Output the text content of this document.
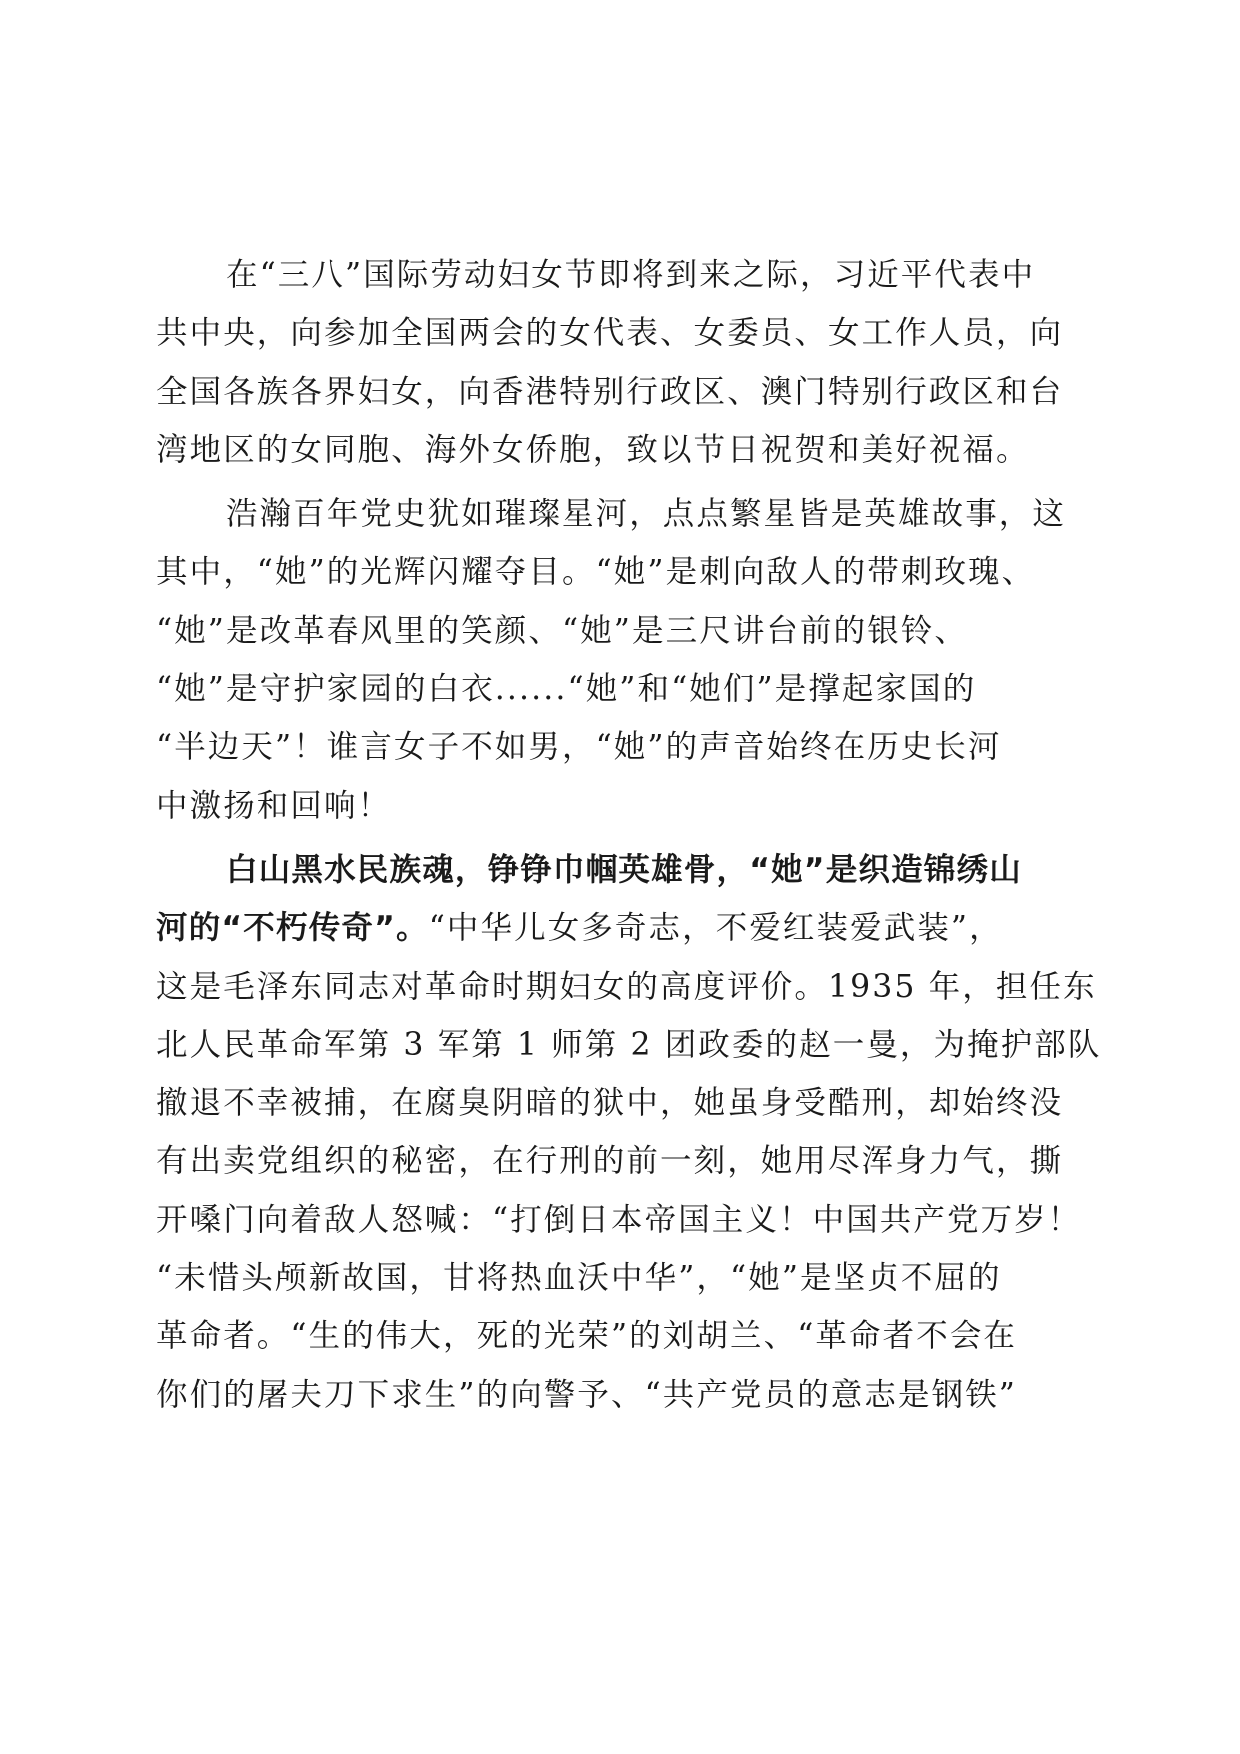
在“三八”国际劳动妇女节即将到来之际，习近平代表中
共中央，向参加全国两会的女代表、女委员、女工作人员，向
全国各族各界妇女，向香港特别行政区、澳门特别行政区和台
湾地区的女同胞、海外女侨胞，致以节日祝贺和美好祝福。

浩瀚百年党史犹如璀璨星河，点点繁星皆是英雄故事，这
其中，“她”的光辉闪耀夺目。“她”是刺向敌人的带刺玫瑰、
“她”是改革春风里的笑颜、“她”是三尺讲台前的银铃、
“她”是守护家园的白衣......“她”和“她们”是撑起家国的
“半边天”！谁言女子不如男，“她”的声音始终在历史长河
中激扬和回响！

白山黑水民族魂，铮铮巾帼英雄骨，“她”是织造锦绣山
河的“不朽传奇”。“中华儿女多奇志，不爱红装爱武装”，
这是毛泽东同志对革命时期妇女的高度评价。1935 年，担任东
北人民革命军第 3 军第 1 师第 2 团政委的赵一曼，为掩护部队
撤退不幸被捕，在腐臭阴暗的狱中，她虽身受酷刑，却始终没
有出卖党组织的秘密，在行刑的前一刻，她用尽浑身力气，撕
开嗓门向着敌人怒喊：“打倒日本帝国主义！中国共产党万岁！
“未惜头颅新故国，甘将热血沃中华”，“她”是坚贞不屈的
革命者。“生的伟大，死的光荣”的刘胡兰、“革命者不会在
你们的屠夫刀下求生”的向警予、“共产党员的意志是钢铁”
